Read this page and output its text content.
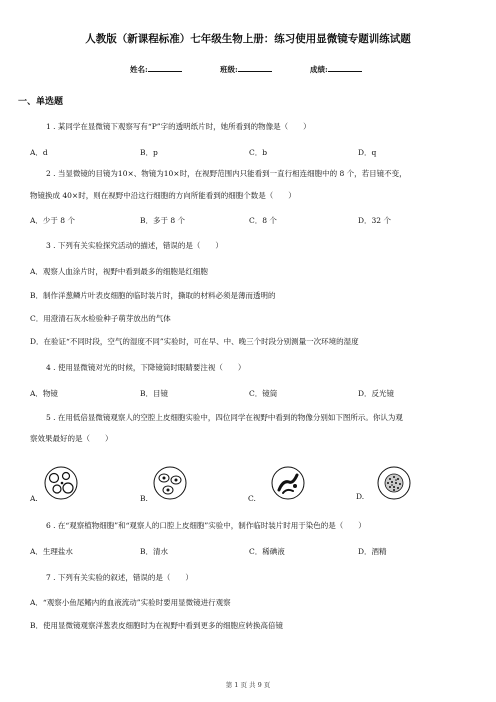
人教版（新课程标准）七年级生物上册：练习使用显微镜专题训练试题
姓名:	班级:	成绩:
一、单选题
1 . 某同学在显微镜下观察写有“P”字的透明纸片时，她所看到的物像是（　　）
A．d	B．p	C．b	D．q
2 . 当显微镜的目镜为10×、物镜为10×时，在视野范围内只能看到一直行相连细胞中的 8 个，若目镜不变，
物镜换成 40×时，则在视野中沿这行细胞的方向所能看到的细胞个数是（　　）
A．少于 8 个	B．多于 8 个	C．8 个	D．32 个
3 . 下列有关实验探究活动的描述，错误的是（　　）
A．观察人血涂片时，视野中看到最多的细胞是红细胞
B．制作洋葱鳞片叶表皮细胞的临时装片时，撕取的材料必须是薄而透明的
C．用澄清石灰水检验种子萌芽放出的气体
D．在验证“不同时段，空气的湿度不同”实验时，可在早、中、晚三个时段分别测量一次环境的湿度
4 . 使用显微镜对光的时候，下降镜筒时眼睛要注视（　　）
A．物镜	B．目镜	C．镜筒	D．反光镜
5 . 在用低倍显微镜观察人的空腔上皮细胞实验中，四位同学在视野中看到的物像分别如下图所示。你认为观
察效果最好的是（　　）
A.	B.	C.	D.
6 . 在“观察植物细胞”和“观察人的口腔上皮细胞”实验中，制作临时装片时用于染色的是（　　）
A．生理盐水	B．清水	C．稀碘液	D．酒精
7 . 下列有关实验的叙述，错误的是（　　）
A．“观察小鱼尾鳍内的血液流动”实验时要用显微镜进行观察
B．使用显微镜观察洋葱表皮细胞时为在视野中看到更多的细胞应转换高倍镜
第 1 页 共 9 页
